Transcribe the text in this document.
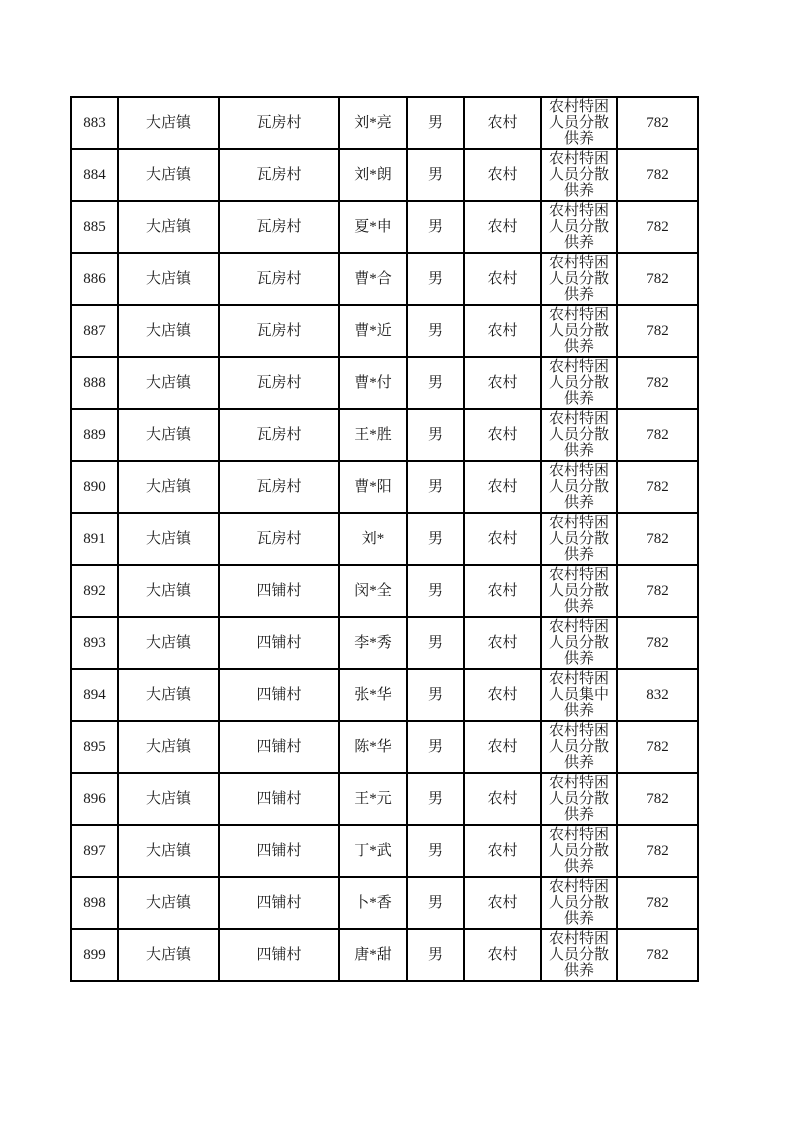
883	大店镇	瓦房村	刘*亮	男	农村	农村特困人员分散供养	782
884	大店镇	瓦房村	刘*朗	男	农村	农村特困人员分散供养	782
885	大店镇	瓦房村	夏*申	男	农村	农村特困人员分散供养	782
886	大店镇	瓦房村	曹*合	男	农村	农村特困人员分散供养	782
887	大店镇	瓦房村	曹*近	男	农村	农村特困人员分散供养	782
888	大店镇	瓦房村	曹*付	男	农村	农村特困人员分散供养	782
889	大店镇	瓦房村	王*胜	男	农村	农村特困人员分散供养	782
890	大店镇	瓦房村	曹*阳	男	农村	农村特困人员分散供养	782
891	大店镇	瓦房村	刘*	男	农村	农村特困人员分散供养	782
892	大店镇	四铺村	闵*全	男	农村	农村特困人员分散供养	782
893	大店镇	四铺村	李*秀	男	农村	农村特困人员分散供养	782
894	大店镇	四铺村	张*华	男	农村	农村特困人员集中供养	832
895	大店镇	四铺村	陈*华	男	农村	农村特困人员分散供养	782
896	大店镇	四铺村	王*元	男	农村	农村特困人员分散供养	782
897	大店镇	四铺村	丁*武	男	农村	农村特困人员分散供养	782
898	大店镇	四铺村	卜*香	男	农村	农村特困人员分散供养	782
899	大店镇	四铺村	唐*甜	男	农村	农村特困人员分散供养	782
